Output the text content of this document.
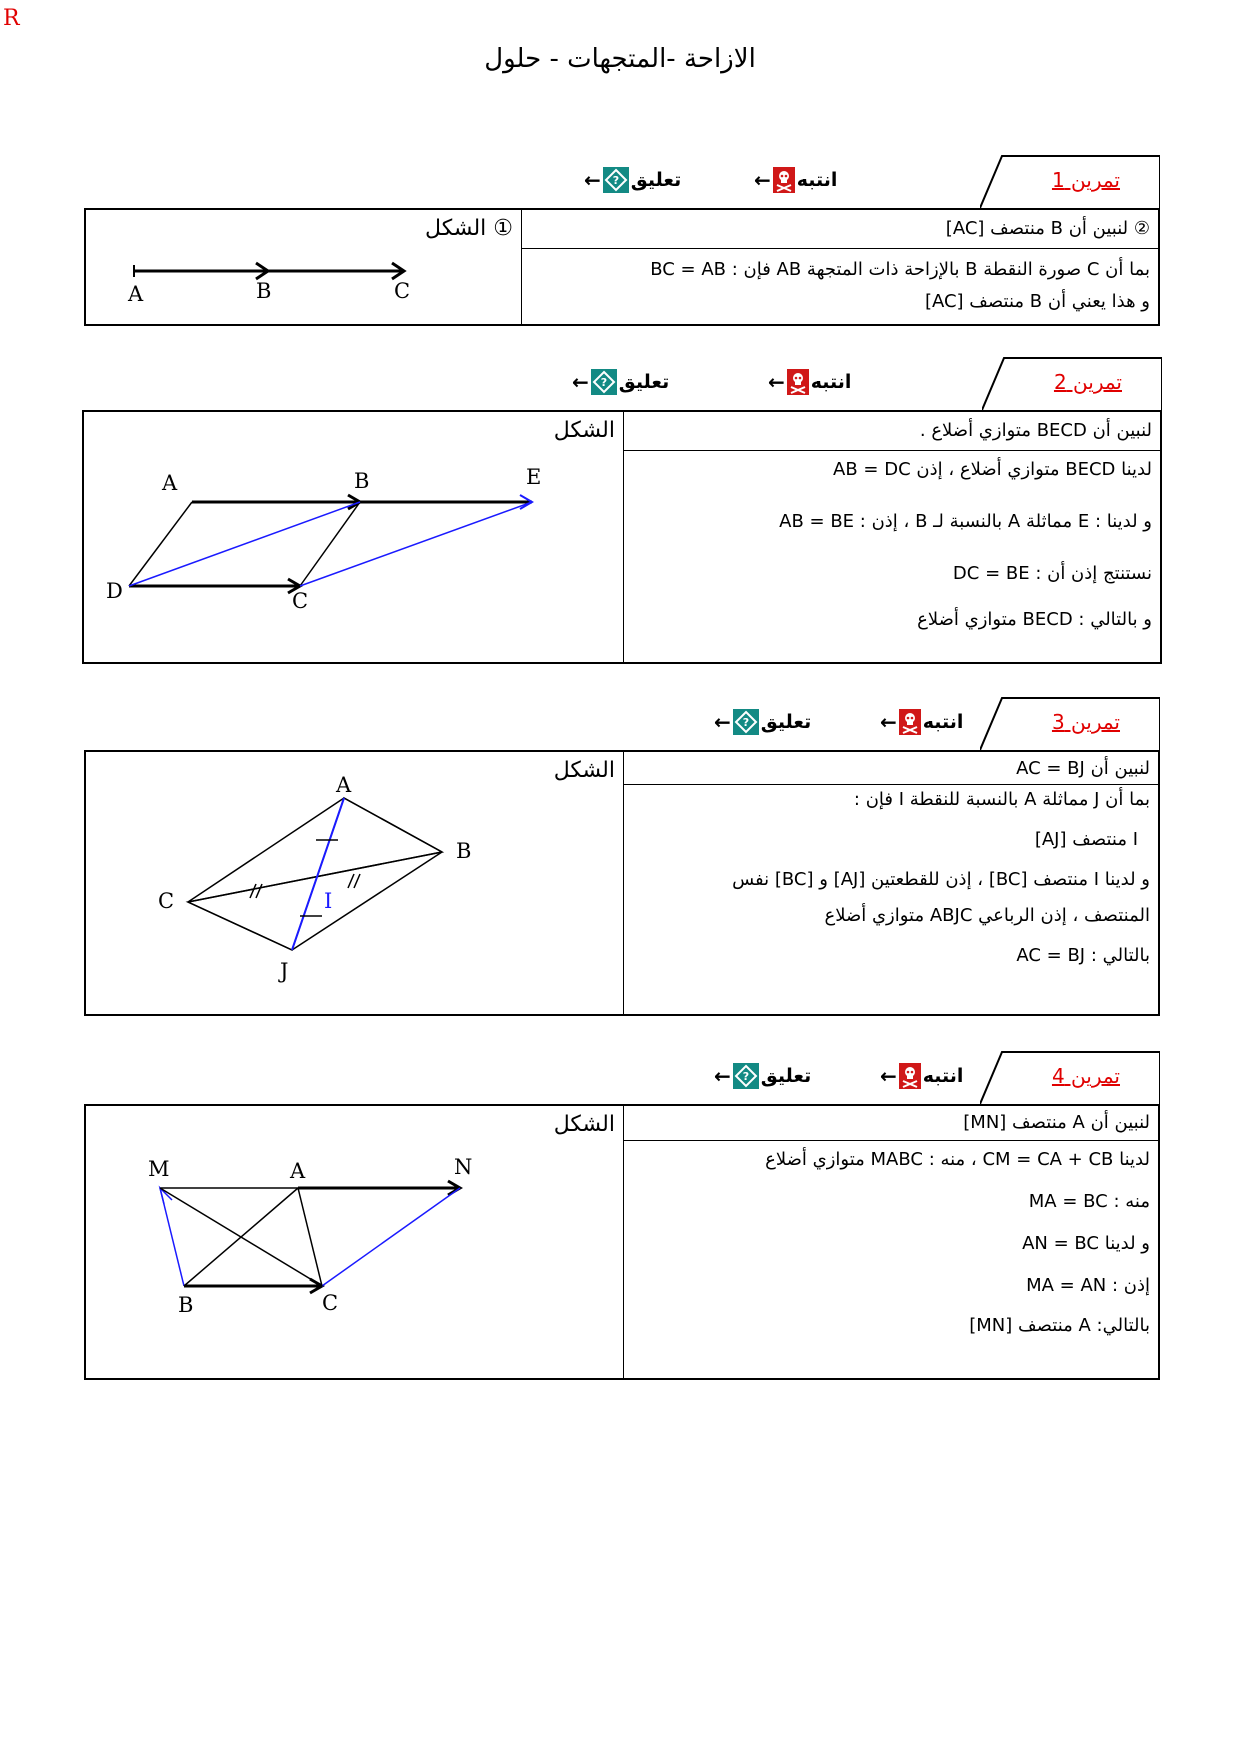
R
الازاحة -المتجهات - حلول
تمرين 1
← انتبه
← ? تعليق
① الشكل
A	B	C
② لنبين أن B منتصف [AC]
بما أن C صورة النقطة B بالإزاحة ذات المتجهة AB فإن : BC = AB
و هذا يعني أن B منتصف [AC]
تمرين 2
← انتبه
← ? تعليق
الشكل
A	B	E
D	C
لنبين أن BECD متوازي أضلاع .
لدينا BECD متوازي أضلاع ، إذن AB = DC
و لدينا : E مماثلة A بالنسبة لـ B ، إذن : AB = BE
نستنتج إذن أن : DC = BE
و بالتالي : BECD متوازي أضلاع
تمرين 3
← انتبه
← ? تعليق
الشكل
A
B
C	I
J
لنبين أن AC = BJ
بما أن J مماثلة A بالنسبة للنقطة I فإن :
I منتصف [AJ]
و لدينا I منتصف [BC] ، إذن للقطعتين [AJ] و [BC] نفس
المنتصف ، إذن الرباعي ABJC متوازي أضلاع
بالتالي : AC = BJ
تمرين 4
← انتبه
← ? تعليق
الشكل
M	A	N
B	C
لنبين أن A منتصف [MN]
لدينا CM = CA + CB ، منه : MABC متوازي أضلاع
منه : MA = BC
و لدينا AN = BC
إذن : MA = AN
بالتالي: A منتصف [MN]
